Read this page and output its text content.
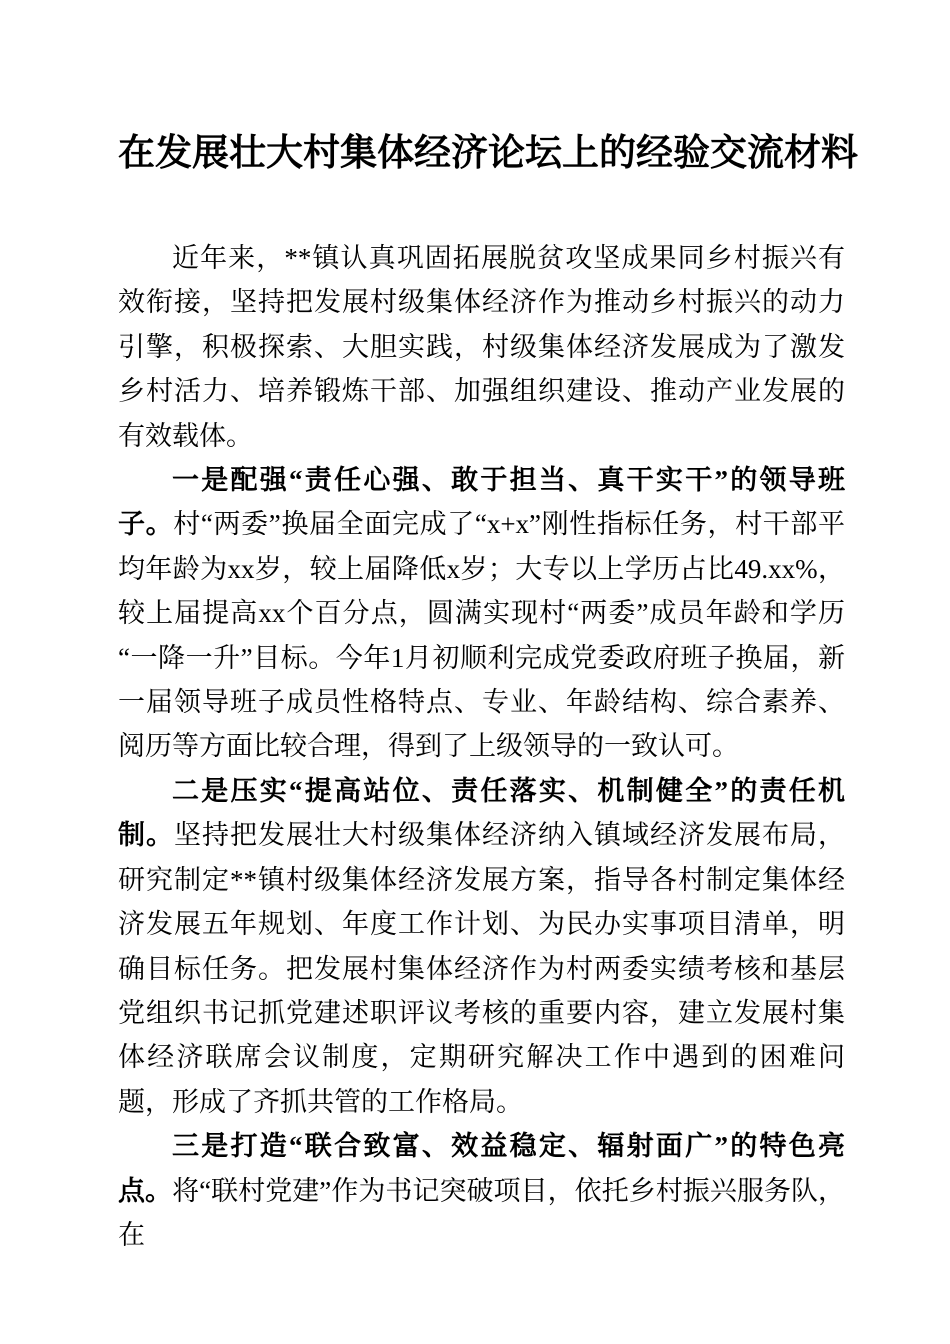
在发展壮大村集体经济论坛上的经验交流材料

近年来，**镇认真巩固拓展脱贫攻坚成果同乡村振兴有效衔接，坚持把发展村级集体经济作为推动乡村振兴的动力引擎，积极探索、大胆实践，村级集体经济发展成为了激发乡村活力、培养锻炼干部、加强组织建设、推动产业发展的有效载体。

一是配强“责任心强、敢于担当、真干实干”的领导班子。村“两委”换届全面完成了“x+x”刚性指标任务，村干部平均年龄为xx岁，较上届降低x岁；大专以上学历占比49.xx%，较上届提高xx个百分点，圆满实现村“两委”成员年龄和学历“一降一升”目标。今年1月初顺利完成党委政府班子换届，新一届领导班子成员性格特点、专业、年龄结构、综合素养、阅历等方面比较合理，得到了上级领导的一致认可。

二是压实“提高站位、责任落实、机制健全”的责任机制。坚持把发展壮大村级集体经济纳入镇域经济发展布局，研究制定**镇村级集体经济发展方案，指导各村制定集体经济发展五年规划、年度工作计划、为民办实事项目清单，明确目标任务。把发展村集体经济作为村两委实绩考核和基层党组织书记抓党建述职评议考核的重要内容，建立发展村集体经济联席会议制度，定期研究解决工作中遇到的困难问题，形成了齐抓共管的工作格局。

三是打造“联合致富、效益稳定、辐射面广”的特色亮点。将“联村党建”作为书记突破项目，依托乡村振兴服务队，在
